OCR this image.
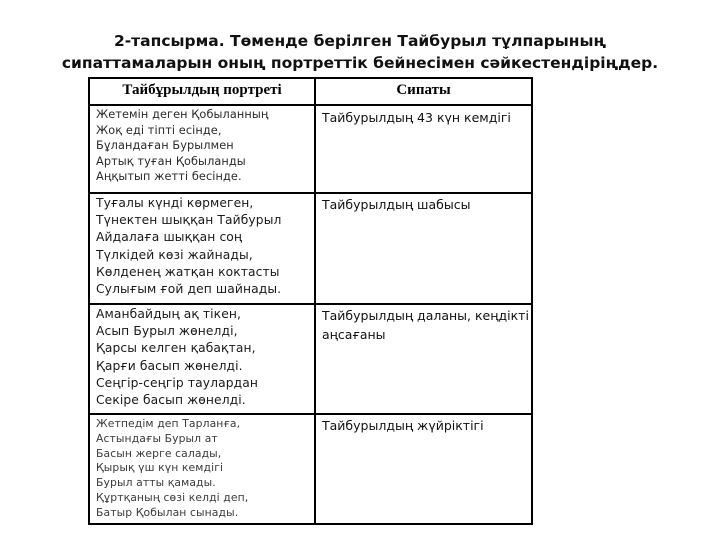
2-тапсырма. Төменде берілген Тайбурыл тұлпарының
сипаттамаларын оның портреттік бейнесімен сәйкестендіріңдер.
Тайбұрылдың портреті	Сипаты
Жетемін деген Қобыланның
Жоқ еді тіпті есінде,
Бұландаған Бурылмен
Артық туған Қобыланды
Аңқытып жетті бесінде.
Тайбурылдың 43 күн кемдігі
Туғалы күнді көрмеген,
Түнектен шыққан Тайбурыл
Айдалаға шыққан соң
Түлкідей көзі жайнады,
Көлденең жатқан коктасты
Сулығым ғой деп шайнады.
Тайбурылдың шабысы
Аманбайдың ақ тікен,
Асып Бурыл жөнелді,
Қарсы келген қабақтан,
Қарғи басып жөнелді.
Сеңгір-сеңгір таулардан
Секіре басып жөнелді.
Тайбурылдың даланы, кеңдікті аңсағаны
Жетпедім деп Тарланға,
Астындағы Бурыл ат
Басын жерге салады,
Қырық үш күн кемдігі
Бурыл атты қамады.
Құртқаның сөзі келді деп,
Батыр Қобылан сынады.
Тайбурылдың жүйріктігі
